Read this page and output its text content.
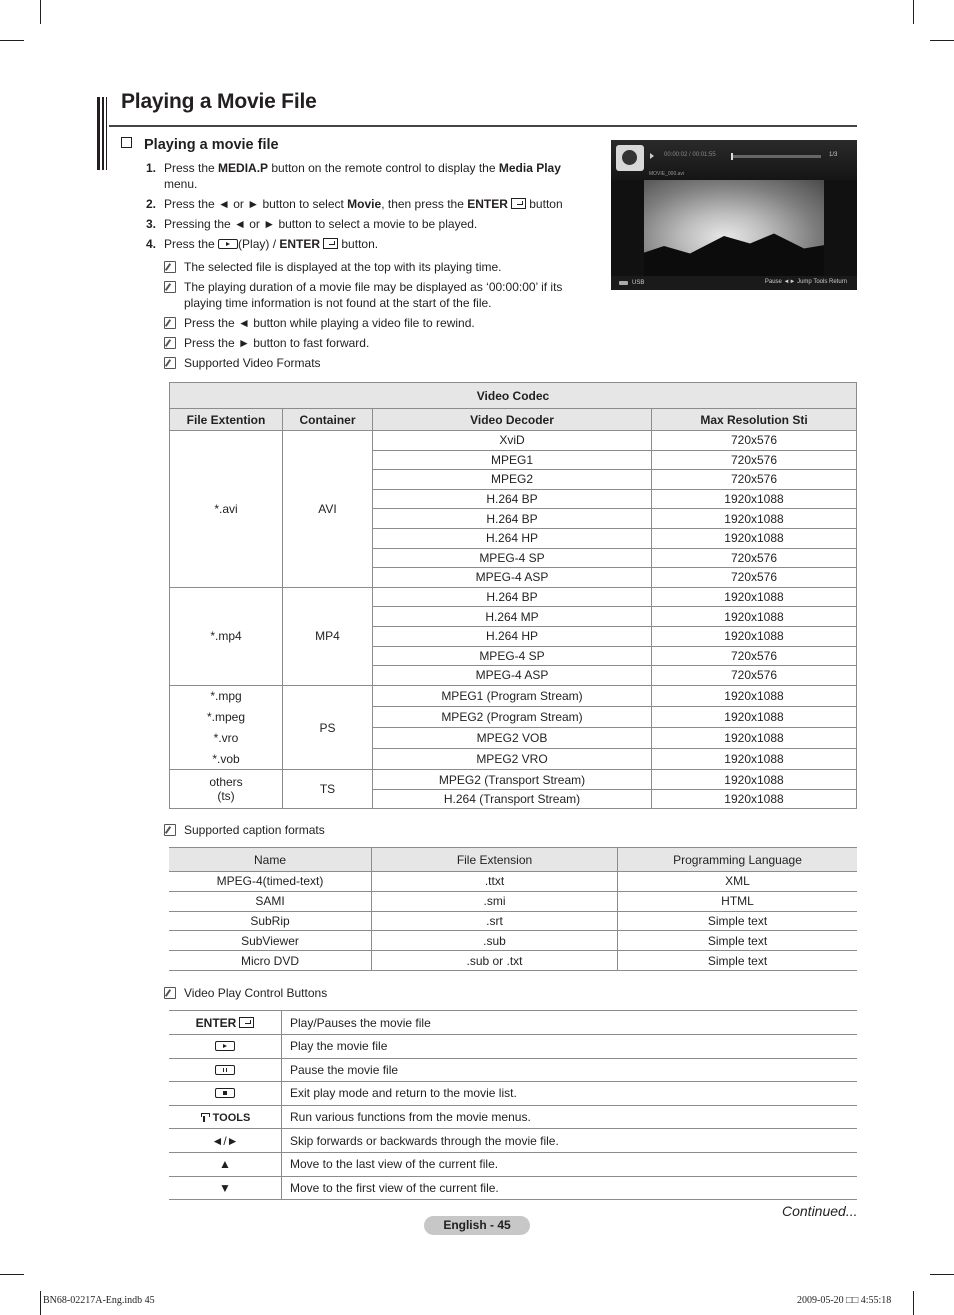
Playing a Movie File
Playing a movie file
1. Press the MEDIA.P button on the remote control to display the Media Play menu.
2. Press the ◄ or ► button to select Movie, then press the ENTER button
3. Pressing the ◄ or ► button to select a movie to be played.
4. Press the (Play) / ENTER button.
The selected file is displayed at the top with its playing time.
The playing duration of a movie file may be displayed as ‘00:00:00’ if its playing time information is not found at the start of the file.
Press the ◄ button while playing a video file to rewind.
Press the ► button to fast forward.
Supported Video Formats
00:00:02 / 00:01:55	1/3
MOVIE_000.avi
USB	Pause ◄► Jump Tools Return
Video Codec			
File Extention	Container	Video Decoder	Max Resolution Sti
*.avi	AVI	XviD	720x576
		MPEG1	720x576
		MPEG2	720x576
		H.264 BP	1920x1088
		H.264 BP	1920x1088
		H.264 HP	1920x1088
		MPEG-4 SP	720x576
		MPEG-4 ASP	720x576
*.mp4	MP4	H.264 BP	1920x1088
		H.264 MP	1920x1088
		H.264 HP	1920x1088
		MPEG-4 SP	720x576
		MPEG-4 ASP	720x576
*.mpg	PS	MPEG1 (Program Stream)	1920x1088
*.mpeg		MPEG2 (Program Stream)	1920x1088
*.vro		MPEG2 VOB	1920x1088
*.vob		MPEG2 VRO	1920x1088
others
(ts)	TS	MPEG2 (Transport Stream)	1920x1088
		H.264 (Transport Stream)	1920x1088
Supported caption formats
Name	File Extension	Programming Language
MPEG-4(timed-text)	.ttxt	XML
SAMI	.smi	HTML
SubRip	.srt	Simple text
SubViewer	.sub	Simple text
Micro DVD	.sub or .txt	Simple text
Video Play Control Buttons
ENTER	Play/Pauses the movie file
	Play the movie file
	Pause the movie file
	Exit play mode and return to the movie list.
TOOLS	Run various functions from the movie menus.
◄/►	Skip forwards or backwards through the movie file.
▲	Move to the last view of the current file.
▼	Move to the first view of the current file.
Continued...
English - 45
BN68-02217A-Eng.indb 45	2009-05-20 □□ 4:55:18
